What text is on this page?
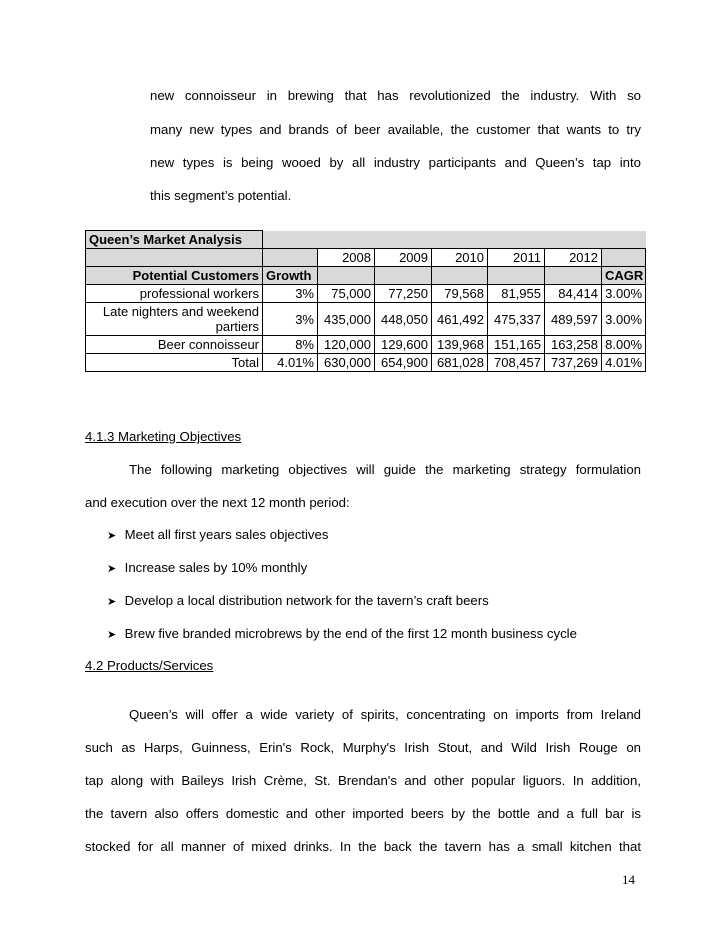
new connoisseur in brewing that has revolutionized the industry. With so
many new types and brands of beer available, the customer that wants to try
new types is being wooed by all industry participants and Queen’s tap into
this segment’s potential.
Queen’s Market Analysis							
		2008	2009	2010	2011	2012	
Potential Customers	Growth						CAGR
professional workers	3%	75,000	77,250	79,568	81,955	84,414	3.00%
Late nighters and weekend partiers	3%	435,000	448,050	461,492	475,337	489,597	3.00%
Beer connoisseur	8%	120,000	129,600	139,968	151,165	163,258	8.00%
Total	4.01%	630,000	654,900	681,028	708,457	737,269	4.01%
4.1.3 Marketing Objectives
The following marketing objectives will guide the marketing strategy formulation
and execution over the next 12 month period:
➤ Meet all first years sales objectives
➤ Increase sales by 10% monthly
➤ Develop a local distribution network for the tavern’s craft beers
➤ Brew five branded microbrews by the end of the first 12 month business cycle
4.2 Products/Services
Queen’s will offer a wide variety of spirits, concentrating on imports from Ireland
such as Harps, Guinness, Erin's Rock, Murphy's Irish Stout, and Wild Irish Rouge on
tap along with Baileys Irish Crème, St. Brendan's and other popular liguors. In addition,
the tavern also offers domestic and other imported beers by the bottle and a full bar is
stocked for all manner of mixed drinks. In the back the tavern has a small kitchen that
14
